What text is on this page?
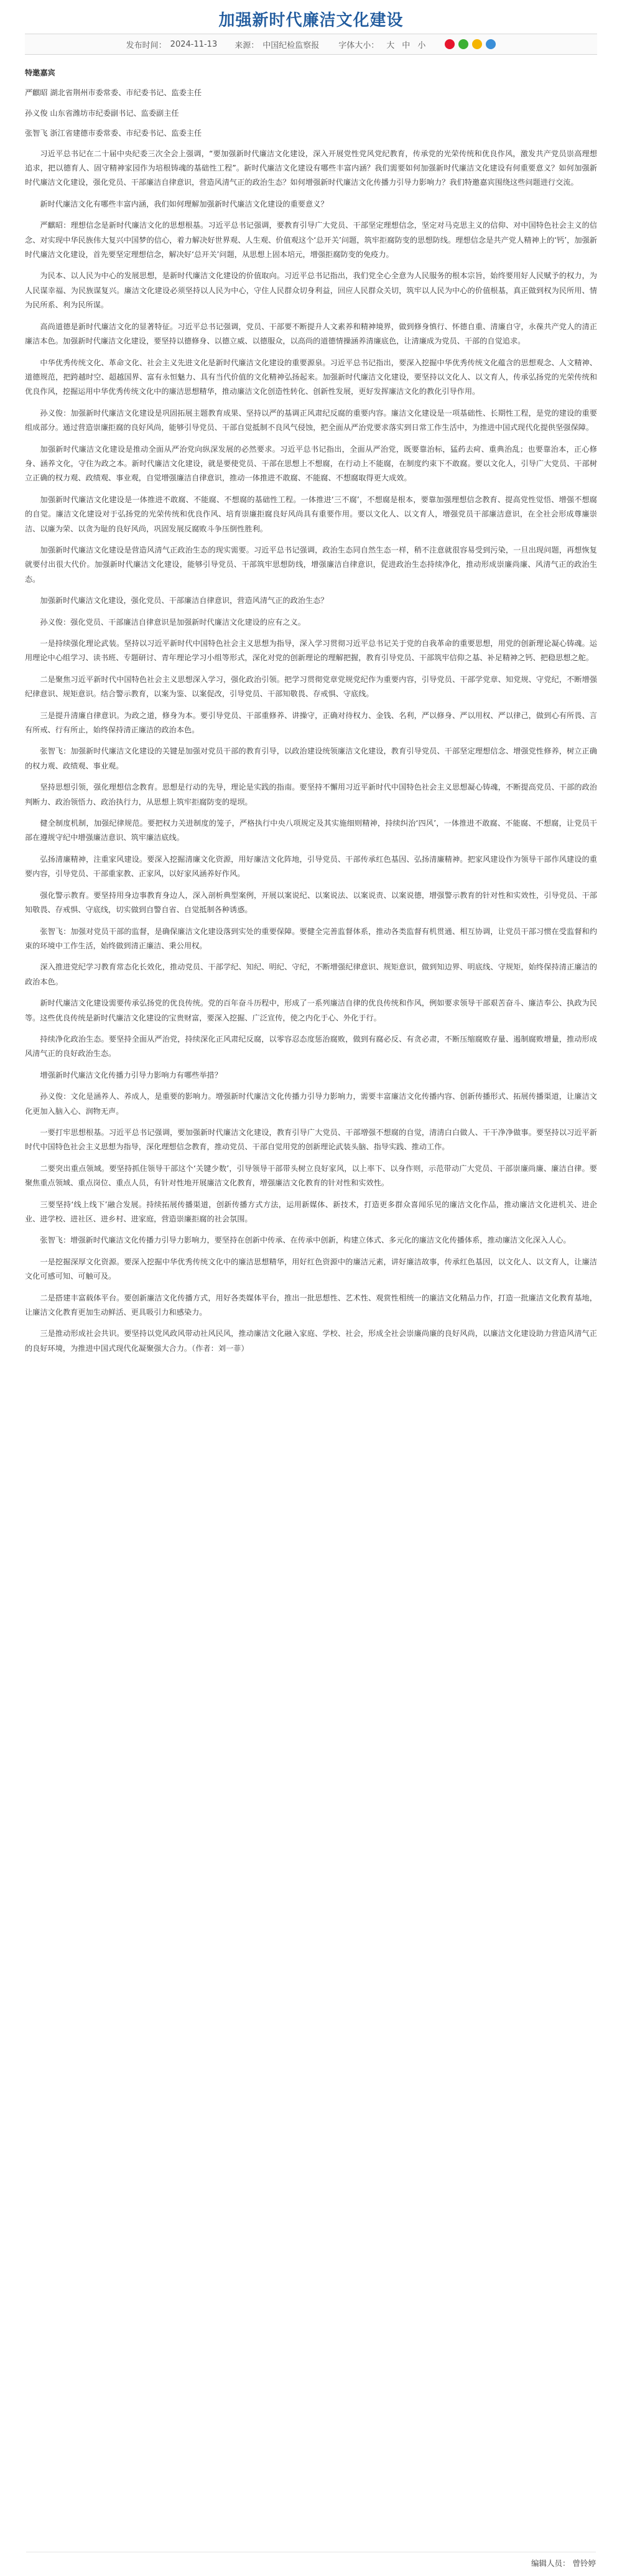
加强新时代廉洁文化建设
发布时间： 2024-11-13 来源： 中国纪检监察报 字体大小： 大 中 小

特邀嘉宾

严麒昭 湖北省荆州市委常委、市纪委书记、监委主任

孙义俊 山东省潍坊市纪委副书记、监委副主任

张智飞 浙江省建德市委常委、市纪委书记、监委主任

习近平总书记在二十届中央纪委三次全会上强调，“要加强新时代廉洁文化建设，深入开展党性党风党纪教育，传承党的光荣传统和优良作风，激发共产党员崇高理想追求，把以德育人、固守精神家园作为培根铸魂的基础性工程”。新时代廉洁文化建设有哪些丰富内涵？我们需要如何加强新时代廉洁文化建设有何重要意义？如何加强新时代廉洁文化建设，强化党员、干部廉洁自律意识，营造风清气正的政治生态？如何增强新时代廉洁文化传播力引导力影响力？我们特邀嘉宾围绕这些问题进行交流。

新时代廉洁文化有哪些丰富内涵，我们如何理解加强新时代廉洁文化建设的重要意义？

严麒昭：理想信念是新时代廉洁文化的思想根基。习近平总书记强调，要教育引导广大党员、干部坚定理想信念，坚定对马克思主义的信仰、对中国特色社会主义的信念、对实现中华民族伟大复兴中国梦的信心，着力解决好世界观、人生观、价值观这个‘总开关’问题，筑牢拒腐防变的思想防线。理想信念是共产党人精神上的‘钙’，加强新时代廉洁文化建设，首先要坚定理想信念，解决好‘总开关’问题，从思想上固本培元，增强拒腐防变的免疫力。

为民本、以人民为中心的发展思想，是新时代廉洁文化建设的价值取向。习近平总书记指出，我们党全心全意为人民服务的根本宗旨，始终要用好人民赋予的权力，为人民谋幸福、为民族谋复兴。廉洁文化建设必须坚持以人民为中心，守住人民群众切身利益，回应人民群众关切，筑牢以人民为中心的价值根基，真正做到权为民所用、情为民所系、利为民所谋。

高尚道德是新时代廉洁文化的显著特征。习近平总书记强调，党员、干部要不断提升人文素养和精神境界，做到修身慎行、怀德自重、清廉自守，永葆共产党人的清正廉洁本色。加强新时代廉洁文化建设，要坚持以德修身、以德立威、以德服众，以高尚的道德情操涵养清廉底色，让清廉成为党员、干部的自觉追求。

中华优秀传统文化、革命文化、社会主义先进文化是新时代廉洁文化建设的重要源泉。习近平总书记指出，要深入挖掘中华优秀传统文化蕴含的思想观念、人文精神、道德规范，把跨越时空、超越国界、富有永恒魅力、具有当代价值的文化精神弘扬起来。加强新时代廉洁文化建设，要坚持以文化人、以文育人，传承弘扬党的光荣传统和优良作风，挖掘运用中华优秀传统文化中的廉洁思想精华，推动廉洁文化创造性转化、创新性发展，更好发挥廉洁文化的教化引导作用。

孙义俊：加强新时代廉洁文化建设是巩固拓展主题教育成果、坚持以严的基调正风肃纪反腐的重要内容。廉洁文化建设是一项基础性、长期性工程，是党的建设的重要组成部分。通过营造崇廉拒腐的良好风尚，能够引导党员、干部自觉抵制不良风气侵蚀，把全面从严治党要求落实到日常工作生活中，为推进中国式现代化提供坚强保障。

加强新时代廉洁文化建设是推动全面从严治党向纵深发展的必然要求。习近平总书记指出，全面从严治党，既要靠治标，猛药去疴、重典治乱；也要靠治本，正心修身、涵养文化，守住为政之本。新时代廉洁文化建设，就是要使党员、干部在思想上不想腐，在行动上不能腐，在制度约束下不敢腐。要以文化人，引导广大党员、干部树立正确的权力观、政绩观、事业观，自觉增强廉洁自律意识，推动一体推进不敢腐、不能腐、不想腐取得更大成效。

加强新时代廉洁文化建设是一体推进不敢腐、不能腐、不想腐的基础性工程。一体推进‘三不腐’，不想腐是根本，要靠加强理想信念教育、提高党性觉悟、增强不想腐的自觉。廉洁文化建设对于弘扬党的光荣传统和优良作风、培育崇廉拒腐良好风尚具有重要作用。要以文化人、以文育人，增强党员干部廉洁意识，在全社会形成尊廉崇洁、以廉为荣、以贪为耻的良好风尚，巩固发展反腐败斗争压倒性胜利。

加强新时代廉洁文化建设是营造风清气正政治生态的现实需要。习近平总书记强调，政治生态同自然生态一样，稍不注意就很容易受到污染，一旦出现问题，再想恢复就要付出很大代价。加强新时代廉洁文化建设，能够引导党员、干部筑牢思想防线，增强廉洁自律意识，促进政治生态持续净化，推动形成崇廉尚廉、风清气正的政治生态。

加强新时代廉洁文化建设，强化党员、干部廉洁自律意识，营造风清气正的政治生态？

孙义俊：强化党员、干部廉洁自律意识是加强新时代廉洁文化建设的应有之义。

一是持续强化理论武装。坚持以习近平新时代中国特色社会主义思想为指导，深入学习贯彻习近平总书记关于党的自我革命的重要思想，用党的创新理论凝心铸魂。运用理论中心组学习、读书班、专题研讨、青年理论学习小组等形式，深化对党的创新理论的理解把握，教育引导党员、干部筑牢信仰之基、补足精神之钙、把稳思想之舵。

二是聚焦习近平新时代中国特色社会主义思想深入学习，强化政治引领。把学习贯彻党章党规党纪作为重要内容，引导党员、干部学党章、知党规、守党纪，不断增强纪律意识、规矩意识。结合警示教育，以案为鉴、以案促改，引导党员、干部知敬畏、存戒惧、守底线。

三是提升清廉自律意识。为政之道，修身为本。要引导党员、干部重修养、讲操守，正确对待权力、金钱、名利，严以修身、严以用权、严以律己，做到心有所畏、言有所戒、行有所止，始终保持清正廉洁的政治本色。

张智飞：加强新时代廉洁文化建设的关键是加强对党员干部的教育引导，以政治建设统领廉洁文化建设，教育引导党员、干部坚定理想信念、增强党性修养，树立正确的权力观、政绩观、事业观。

坚持思想引领，强化理想信念教育。思想是行动的先导，理论是实践的指南。要坚持不懈用习近平新时代中国特色社会主义思想凝心铸魂，不断提高党员、干部的政治判断力、政治领悟力、政治执行力，从思想上筑牢拒腐防变的堤坝。

健全制度机制，加强纪律规范。要把权力关进制度的笼子，严格执行中央八项规定及其实施细则精神，持续纠治‘四风’，一体推进不敢腐、不能腐、不想腐，让党员干部在遵规守纪中增强廉洁意识、筑牢廉洁底线。

弘扬清廉精神，注重家风建设。要深入挖掘清廉文化资源，用好廉洁文化阵地，引导党员、干部传承红色基因、弘扬清廉精神。把家风建设作为领导干部作风建设的重要内容，引导党员、干部重家教、正家风，以好家风涵养好作风。

强化警示教育。要坚持用身边事教育身边人，深入剖析典型案例，开展以案说纪、以案说法、以案说责、以案说德，增强警示教育的针对性和实效性，引导党员、干部知敬畏、存戒惧、守底线，切实做到自警自省、自觉抵制各种诱惑。

张智飞：加强对党员干部的监督，是确保廉洁文化建设落到实处的重要保障。要健全完善监督体系，推动各类监督有机贯通、相互协调，让党员干部习惯在受监督和约束的环境中工作生活，始终做到清正廉洁、秉公用权。

深入推进党纪学习教育常态化长效化，推动党员、干部学纪、知纪、明纪、守纪，不断增强纪律意识、规矩意识，做到知边界、明底线、守规矩，始终保持清正廉洁的政治本色。

新时代廉洁文化建设需要传承弘扬党的优良传统。党的百年奋斗历程中，形成了一系列廉洁自律的优良传统和作风，例如要求领导干部艰苦奋斗、廉洁奉公、执政为民等。这些优良传统是新时代廉洁文化建设的宝贵财富，要深入挖掘、广泛宣传，使之内化于心、外化于行。

持续净化政治生态。要坚持全面从严治党，持续深化正风肃纪反腐，以零容忍态度惩治腐败，做到有腐必反、有贪必肃，不断压缩腐败存量、遏制腐败增量，推动形成风清气正的良好政治生态。

增强新时代廉洁文化传播力引导力影响力有哪些举措？

孙义俊：文化是涵养人、养成人，是重要的影响力。增强新时代廉洁文化传播力引导力影响力，需要丰富廉洁文化传播内容、创新传播形式、拓展传播渠道，让廉洁文化更加入脑入心、润物无声。

一要打牢思想根基。习近平总书记强调，要加强新时代廉洁文化建设，教育引导广大党员、干部增强不想腐的自觉，清清白白做人、干干净净做事。要坚持以习近平新时代中国特色社会主义思想为指导，深化理想信念教育，推动党员、干部自觉用党的创新理论武装头脑、指导实践、推动工作。

二要突出重点领域。要坚持抓住领导干部这个‘关键少数’，引导领导干部带头树立良好家风，以上率下、以身作则，示范带动广大党员、干部崇廉尚廉、廉洁自律。要聚焦重点领域、重点岗位、重点人员，有针对性地开展廉洁文化教育，增强廉洁文化教育的针对性和实效性。

三要坚持‘线上线下’融合发展。持续拓展传播渠道，创新传播方式方法，运用新媒体、新技术，打造更多群众喜闻乐见的廉洁文化作品，推动廉洁文化进机关、进企业、进学校、进社区、进乡村、进家庭，营造崇廉拒腐的社会氛围。

张智飞：增强新时代廉洁文化传播力引导力影响力，要坚持在创新中传承、在传承中创新，构建立体式、多元化的廉洁文化传播体系，推动廉洁文化深入人心。

一是挖掘深厚文化资源。要深入挖掘中华优秀传统文化中的廉洁思想精华，用好红色资源中的廉洁元素，讲好廉洁故事，传承红色基因，以文化人、以文育人，让廉洁文化可感可知、可触可及。

二是搭建丰富载体平台。要创新廉洁文化传播方式，用好各类媒体平台，推出一批思想性、艺术性、观赏性相统一的廉洁文化精品力作，打造一批廉洁文化教育基地，让廉洁文化教育更加生动鲜活、更具吸引力和感染力。

三是推动形成社会共识。要坚持以党风政风带动社风民风，推动廉洁文化融入家庭、学校、社会，形成全社会崇廉尚廉的良好风尚，以廉洁文化建设助力营造风清气正的良好环境，为推进中国式现代化凝聚强大合力。（作者：刘一菲）

编辑人员： 曾铃婷
